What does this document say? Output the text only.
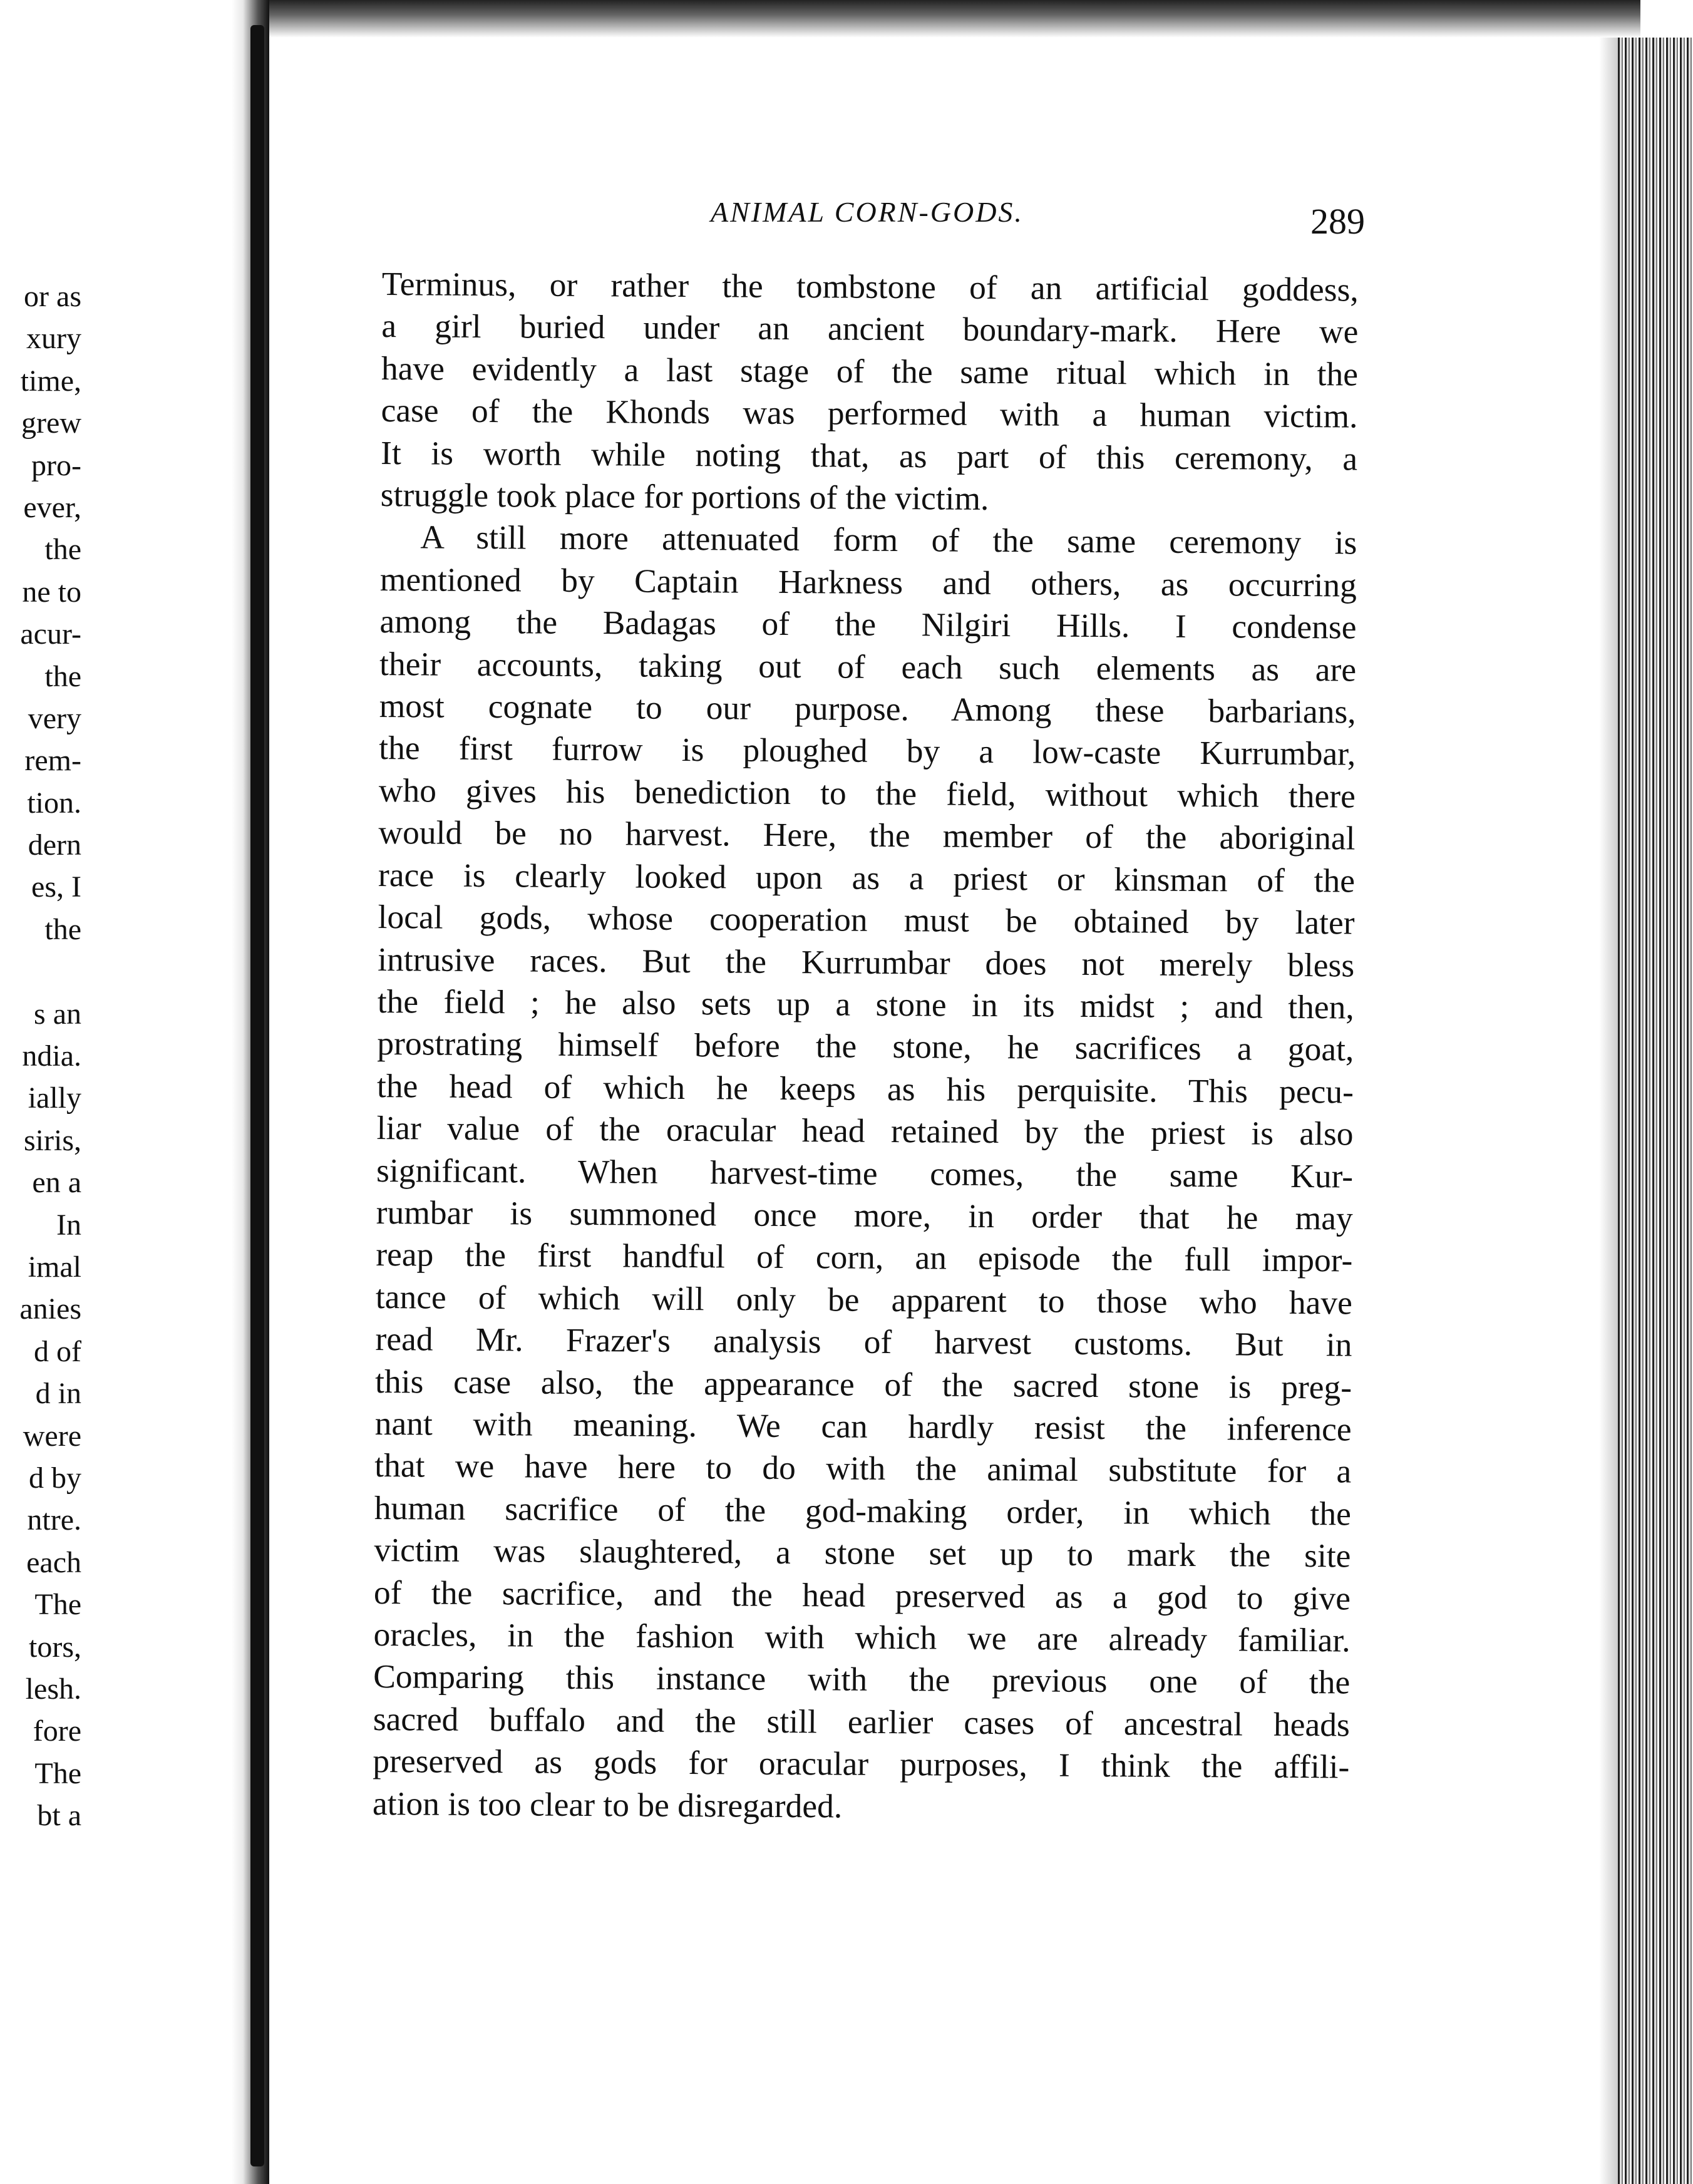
or as
xury
time,
grew
pro-
ever,
the
ne to
acur-
the
very
rem-
tion.
dern
es, I
the
s an
ndia.
ially
siris,
en a
In
imal
anies
d of
d in
were
d by
ntre.
each
The
tors,
lesh.
fore
The
bt a
ANIMAL CORN-GODS.	289
Terminus, or rather the tombstone of an artificial goddess,
a girl buried under an ancient boundary-mark. Here we
have evidently a last stage of the same ritual which in the
case of the Khonds was performed with a human victim.
It is worth while noting that, as part of this ceremony, a
struggle took place for portions of the victim.
A still more attenuated form of the same ceremony is
mentioned by Captain Harkness and others, as occurring
among the Badagas of the Nilgiri Hills. I condense
their accounts, taking out of each such elements as are
most cognate to our purpose. Among these barbarians,
the first furrow is ploughed by a low-caste Kurrumbar,
who gives his benediction to the field, without which there
would be no harvest. Here, the member of the aboriginal
race is clearly looked upon as a priest or kinsman of the
local gods, whose cooperation must be obtained by later
intrusive races. But the Kurrumbar does not merely bless
the field ; he also sets up a stone in its midst ; and then,
prostrating himself before the stone, he sacrifices a goat,
the head of which he keeps as his perquisite. This pecu-
liar value of the oracular head retained by the priest is also
significant. When harvest-time comes, the same Kur-
rumbar is summoned once more, in order that he may
reap the first handful of corn, an episode the full impor-
tance of which will only be apparent to those who have
read Mr. Frazer's analysis of harvest customs. But in
this case also, the appearance of the sacred stone is preg-
nant with meaning. We can hardly resist the inference
that we have here to do with the animal substitute for a
human sacrifice of the god-making order, in which the
victim was slaughtered, a stone set up to mark the site
of the sacrifice, and the head preserved as a god to give
oracles, in the fashion with which we are already familiar.
Comparing this instance with the previous one of the
sacred buffalo and the still earlier cases of ancestral heads
preserved as gods for oracular purposes, I think the affili-
ation is too clear to be disregarded.
